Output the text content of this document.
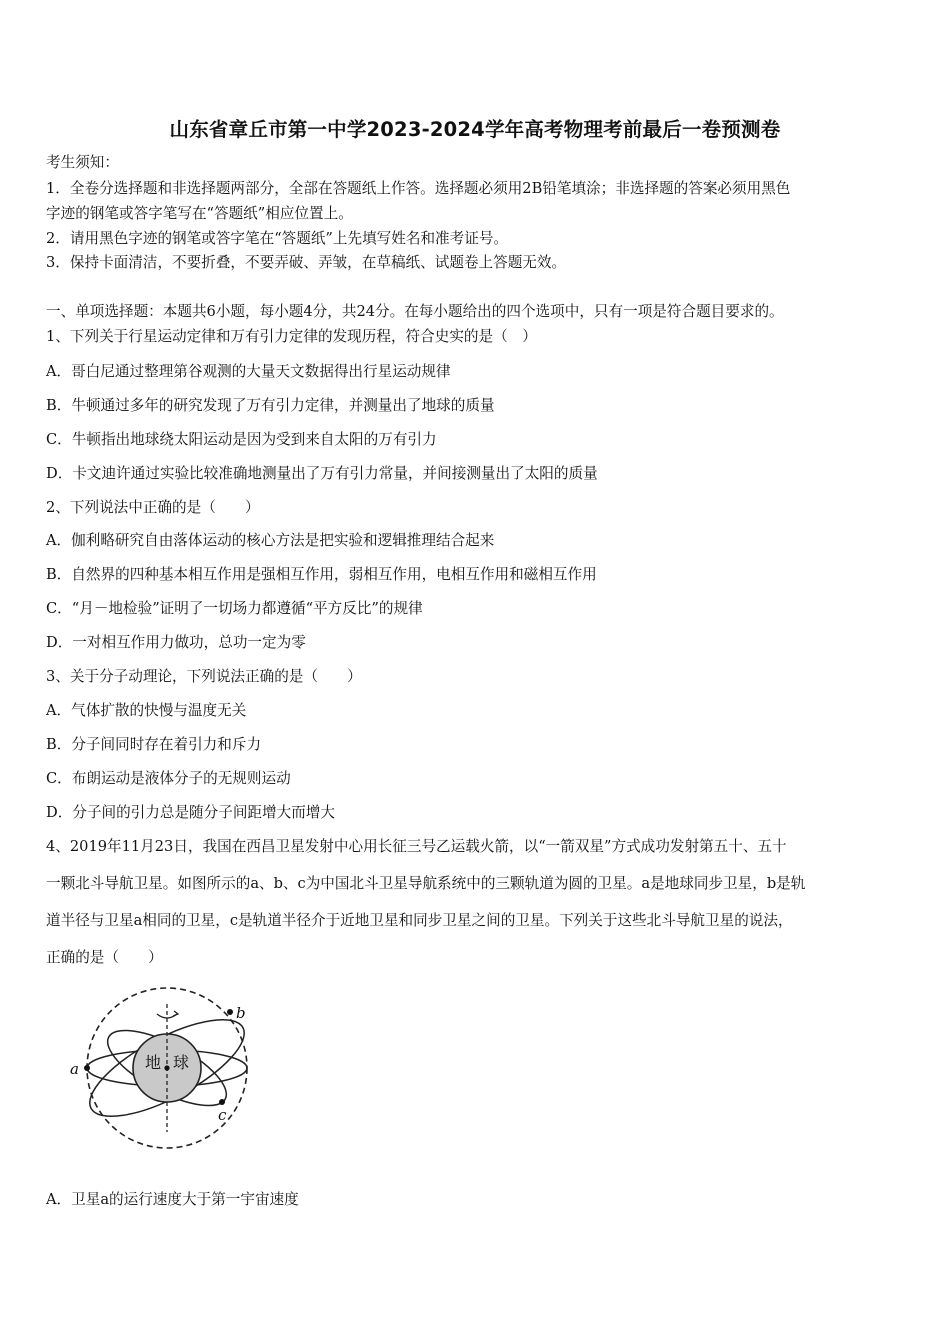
山东省章丘市第一中学2023-2024学年高考物理考前最后一卷预测卷
考生须知：
1．全卷分选择题和非选择题两部分，全部在答题纸上作答。选择题必须用2B铅笔填涂；非选择题的答案必须用黑色
字迹的钢笔或答字笔写在“答题纸”相应位置上。
2．请用黑色字迹的钢笔或答字笔在“答题纸”上先填写姓名和准考证号。
3．保持卡面清洁，不要折叠，不要弄破、弄皱，在草稿纸、试题卷上答题无效。
一、单项选择题：本题共6小题，每小题4分，共24分。在每小题给出的四个选项中，只有一项是符合题目要求的。
1、下列关于行星运动定律和万有引力定律的发现历程，符合史实的是（　）
A．哥白尼通过整理第谷观测的大量天文数据得出行星运动规律
B．牛顿通过多年的研究发现了万有引力定律，并测量出了地球的质量
C．牛顿指出地球绕太阳运动是因为受到来自太阳的万有引力
D．卡文迪许通过实验比较准确地测量出了万有引力常量，并间接测量出了太阳的质量
2、下列说法中正确的是（　　）
A．伽利略研究自由落体运动的核心方法是把实验和逻辑推理结合起来
B．自然界的四种基本相互作用是强相互作用，弱相互作用，电相互作用和磁相互作用
C．“月－地检验”证明了一切场力都遵循“平方反比”的规律
D．一对相互作用力做功，总功一定为零
3、关于分子动理论，下列说法正确的是（　　）
A．气体扩散的快慢与温度无关
B．分子间同时存在着引力和斥力
C．布朗运动是液体分子的无规则运动
D．分子间的引力总是随分子间距增大而增大
4、2019年11月23日，我国在西昌卫星发射中心用长征三号乙运载火箭，以“一箭双星”方式成功发射第五十、五十
一颗北斗导航卫星。如图所示的a、b、c为中国北斗卫星导航系统中的三颗轨道为圆的卫星。a是地球同步卫星，b是轨
道半径与卫星a相同的卫星，c是轨道半径介于近地卫星和同步卫星之间的卫星。下列关于这些北斗导航卫星的说法，
正确的是（　　）
地 球
a
b
c
A．卫星a的运行速度大于第一宇宙速度
